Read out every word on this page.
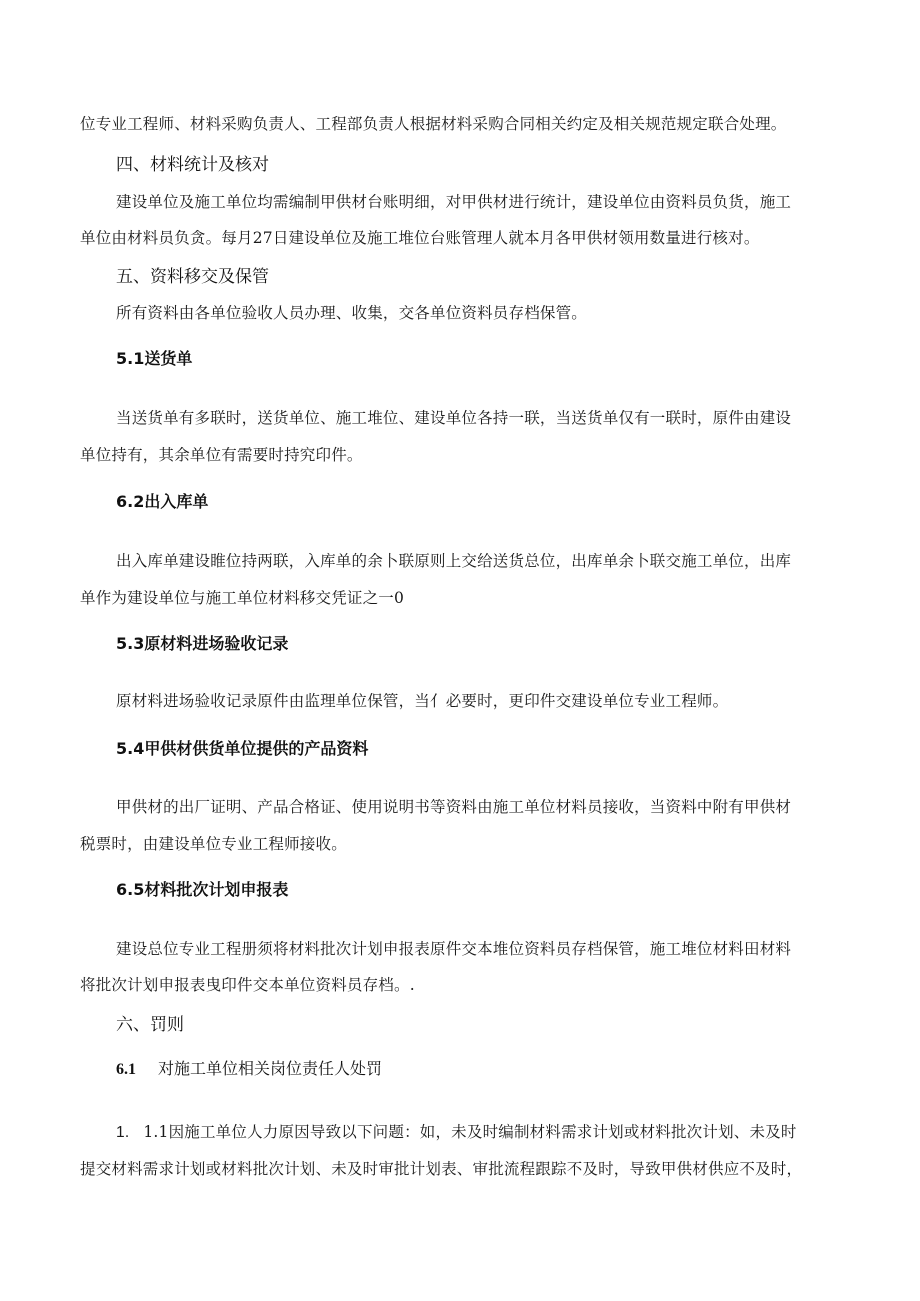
位专业工程师、材料采购负责人、工程部负责人根据材料采购合同相关约定及相关规范规定联合处理。
四、材料统计及核对
建设单位及施工单位均需编制甲供材台账明细，对甲供材进行统计，建设单位由资料员负货，施工
单位由材料员负贪。每月27日建设单位及施工堆位台账管理人就本月各甲供材领用数量进行核对。
五、资料移交及保管
所有资料由各单位验收人员办理、收集，交各单位资料员存档保管。
5.1送货单
当送货单有多联时，送货单位、施工堆位、建设单位各持一联，当送货单仅有一联时，原件由建设
单位持有，其余单位有需要时持究印件。
6.2出入库单
出入库单建设睢位持两联，入库单的余卜联原则上交给送货总位，出库单余卜联交施工单位，出库
单作为建设单位与施工单位材料移交凭证之一0
5.3原材料进场验收记录
原材料进场验收记录原件由监理单位保管，当亻必要时，更印件交建设单位专业工程师。
5.4甲供材供货单位提供的产品资料
甲供材的出厂证明、产品合格证、使用说明书等资料由施工单位材料员接收，当资料中附有甲供材
税票时，由建设单位专业工程师接收。
6.5材料批次计划申报表
建设总位专业工程册须将材料批次计划申报表原件交本堆位资料员存档保管，施工堆位材料田材料
将批次计划申报表曳印件交本单位资料员存档。.
六、罚则
6.1 对施工单位相关岗位责任人处罚
1. 1.1因施工单位人力原因导致以下问题：如，未及时编制材料需求计划或材料批次计划、未及时
提交材料需求计划或材料批次计划、未及时审批计划表、审批流程跟踪不及时，导致甲供材供应不及时，
